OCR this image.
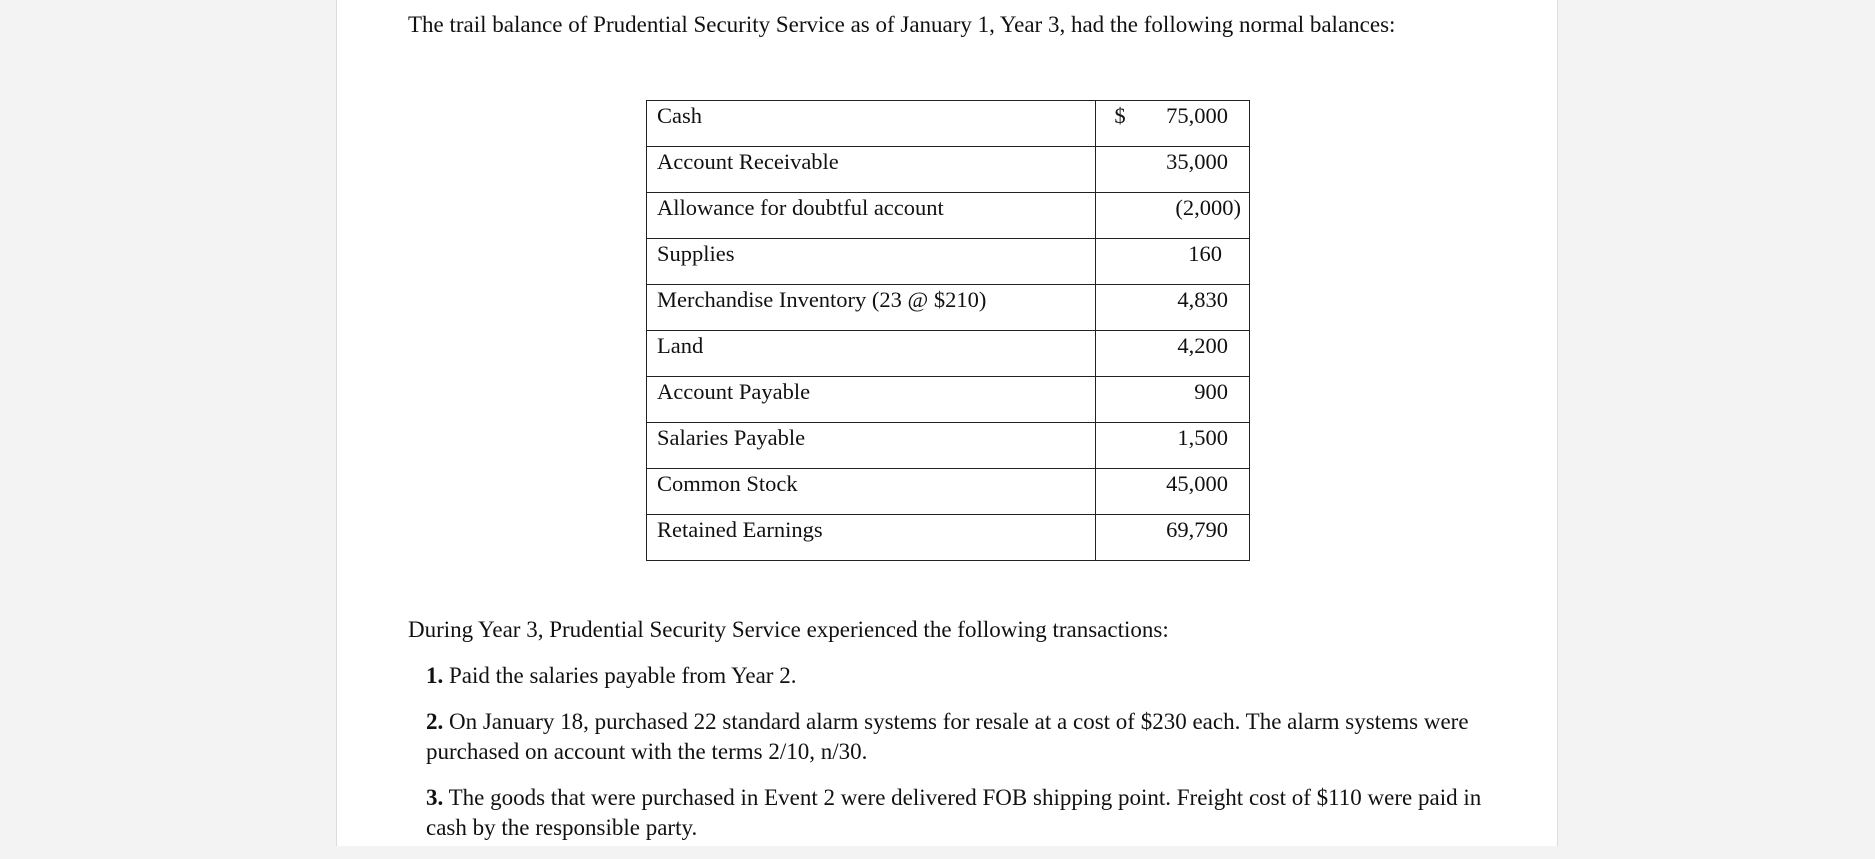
The trail balance of Prudential Security Service as of January 1, Year 3, had the following normal balances:
Cash	$ 75,000

Account Receivable	35,000

Allowance for doubtful account	(2,000)

Supplies	160

Merchandise Inventory (23 @ $210)	4,830

Land	4,200

Account Payable	900

Salaries Payable	1,500

Common Stock	45,000

Retained Earnings	69,790
During Year 3, Prudential Security Service experienced the following transactions:
1. Paid the salaries payable from Year 2.
2. On January 18, purchased 22 standard alarm systems for resale at a cost of $230 each. The alarm systems were purchased on account with the terms 2/10, n/30.
3. The goods that were purchased in Event 2 were delivered FOB shipping point. Freight cost of $110 were paid in cash by the responsible party.
